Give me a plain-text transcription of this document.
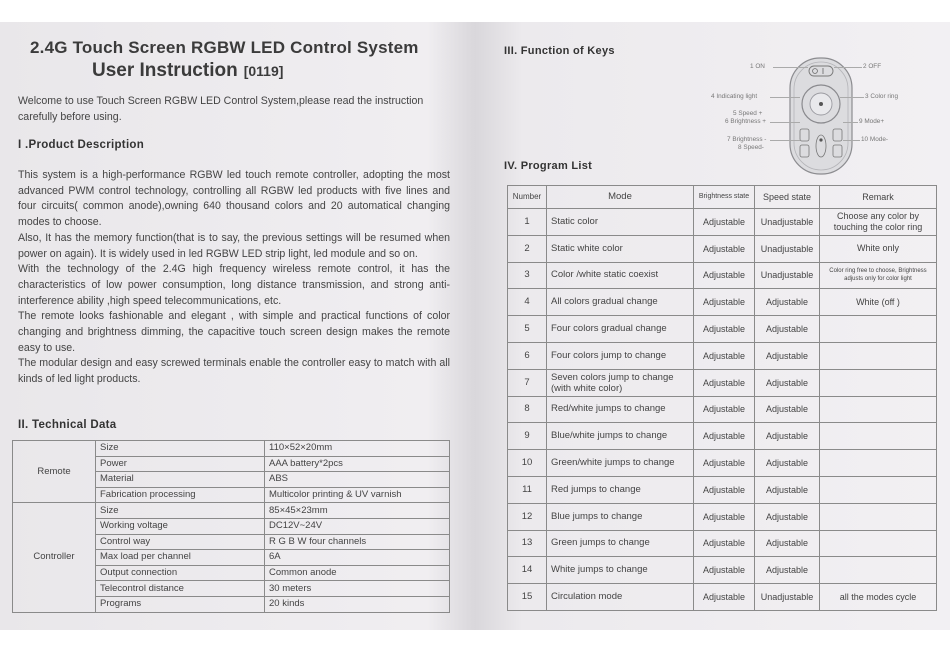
2.4G Touch Screen RGBW LED Control System
User Instruction [0119]
Welcome to use Touch Screen RGBW LED Control System,please read the instruction carefully before using.
I .Product Description
This system is a high-performance RGBW led touch remote controller, adopting the most advanced PWM control technology, controlling all RGBW led products with five lines and four circuits( common anode),owning 640 thousand colors and 20 automatical changing modes to choose.
Also, It has the memory function(that is to say, the previous settings will be resumed when power on again). It is widely used in led RGBW LED strip light, led module and so on.
With the technology of the 2.4G high frequency wireless remote control, it has the characteristics of low power consumption, long distance transmission, and strong anti-interference ability ,high speed telecommunications, etc.
The remote looks fashionable and elegant , with simple and practical functions of color changing and brightness dimming, the capacitive touch screen design makes the remote easy to use.
The modular design and easy screwed terminals enable the controller easy to match with all kinds of led light products.
II. Technical Data
Remote	Size	110×52×20mm
	Power	AAA battery*2pcs
	Material	ABS
	Fabrication processing	Multicolor printing & UV varnish
Controller	Size	85×45×23mm
	Working voltage	DC12V~24V
	Control way	R G B W four channels
	Max load per channel	6A
	Output connection	Common anode
	Telecontrol distance	30 meters
	Programs	20 kinds
III. Function of Keys
1 ON	2 OFF
4 Indicating light	3 Color ring
5 Speed +
6 Brightness +	9 Mode+
7 Brightness -
8 Speed-
10 Mode-
IV. Program List
Number	Mode	Brightness state	Speed state	Remark
1	Static color	Adjustable	Unadjustable	Choose any color by touching the color ring
2	Static white color	Adjustable	Unadjustable	White only
3	Color /white static coexist	Adjustable	Unadjustable	Color ring free to choose, Brightness adjusts only for color light
4	All colors gradual change	Adjustable	Adjustable	White (off )
5	Four colors gradual change	Adjustable	Adjustable	
6	Four colors jump to change	Adjustable	Adjustable	
7	Seven colors jump to change (with white color)	Adjustable	Adjustable	
8	Red/white jumps to change	Adjustable	Adjustable	
9	Blue/white jumps to change	Adjustable	Adjustable	
10	Green/white jumps to change	Adjustable	Adjustable	
11	Red jumps to change	Adjustable	Adjustable	
12	Blue jumps to change	Adjustable	Adjustable	
13	Green jumps to change	Adjustable	Adjustable	
14	White jumps to change	Adjustable	Adjustable	
15	Circulation mode	Adjustable	Unadjustable	all the modes cycle
